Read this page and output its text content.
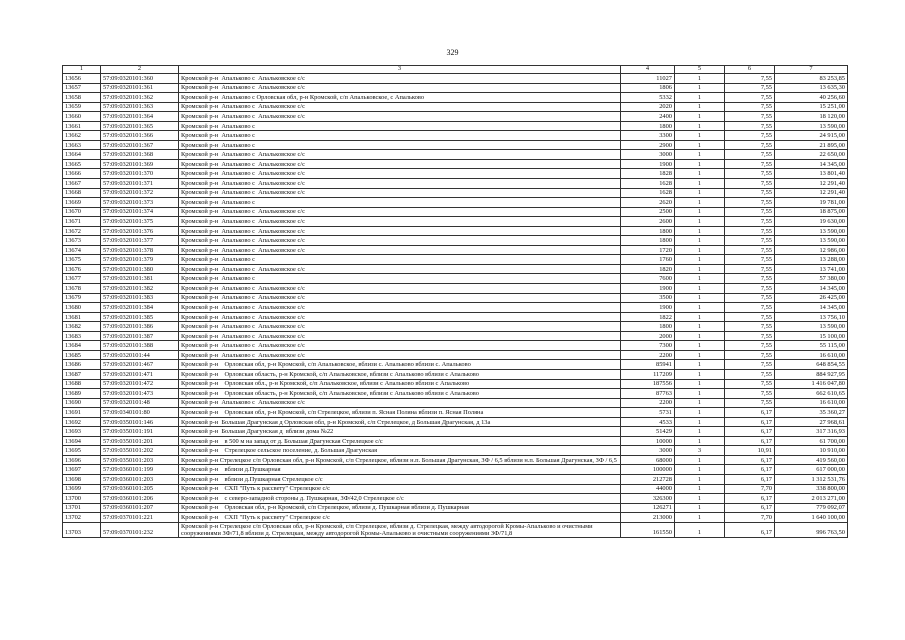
329
1	2	3	4	5	6	7
13656	57:09:0320101:360	Кромской р-н  Апальково с  Апальковское с/с	11027	1	7,55	83 253,85
13657	57:09:0320101:361	Кромской р-н  Апальково с  Апальковское с/с	1806	1	7,55	13 635,30
13658	57:09:0320101:362	Кромской р-н  Апальково с Орловская обл, р-н Кромской, с/п Апальковское, с Апальково	5332	1	7,55	40 256,60
13659	57:09:0320101:363	Кромской р-н  Апальково с  Апальковское с/с	2020	1	7,55	15 251,00
13660	57:09:0320101:364	Кромской р-н  Апальково с  Апальковское с/с	2400	1	7,55	18 120,00
13661	57:09:0320101:365	Кромской р-н  Апальково с	1800	1	7,55	13 590,00
13662	57:09:0320101:366	Кромской р-н  Апальково с	3300	1	7,55	24 915,00
13663	57:09:0320101:367	Кромской р-н  Апальково с	2900	1	7,55	21 895,00
13664	57:09:0320101:368	Кромской р-н  Апальково с  Апальковское с/с	3000	1	7,55	22 650,00
13665	57:09:0320101:369	Кромской р-н  Апальково с  Апальковское с/с	1900	1	7,55	14 345,00
13666	57:09:0320101:370	Кромской р-н  Апальково с  Апальковское с/с	1828	1	7,55	13 801,40
13667	57:09:0320101:371	Кромской р-н  Апальково с  Апальковское с/с	1628	1	7,55	12 291,40
13668	57:09:0320101:372	Кромской р-н  Апальково с  Апальковское с/с	1628	1	7,55	12 291,40
13669	57:09:0320101:373	Кромской р-н  Апальково с	2620	1	7,55	19 781,00
13670	57:09:0320101:374	Кромской р-н  Апальково с  Апальковское с/с	2500	1	7,55	18 875,00
13671	57:09:0320101:375	Кромской р-н  Апальково с  Апальковское с/с	2600	1	7,55	19 630,00
13672	57:09:0320101:376	Кромской р-н  Апальково с  Апальковское с/с	1800	1	7,55	13 590,00
13673	57:09:0320101:377	Кромской р-н  Апальково с  Апальковское с/с	1800	1	7,55	13 590,00
13674	57:09:0320101:378	Кромской р-н  Апальково с  Апальковское с/с	1720	1	7,55	12 986,00
13675	57:09:0320101:379	Кромской р-н  Апальково с	1760	1	7,55	13 288,00
13676	57:09:0320101:380	Кромской р-н  Апальково с  Апальковское с/с	1820	1	7,55	13 741,00
13677	57:09:0320101:381	Кромской р-н  Апальково с	7600	1	7,55	57 380,00
13678	57:09:0320101:382	Кромской р-н  Апальково с  Апальковское с/с	1900	1	7,55	14 345,00
13679	57:09:0320101:383	Кромской р-н  Апальково с  Апальковское с/с	3500	1	7,55	26 425,00
13680	57:09:0320101:384	Кромской р-н  Апальково с  Апальковское с/с	1900	1	7,55	14 345,00
13681	57:09:0320101:385	Кромской р-н  Апальково с  Апальковское с/с	1822	1	7,55	13 756,10
13682	57:09:0320101:386	Кромской р-н  Апальково с  Апальковское с/с	1800	1	7,55	13 590,00
13683	57:09:0320101:387	Кромской р-н  Апальково с  Апальковское с/с	2000	1	7,55	15 100,00
13684	57:09:0320101:388	Кромской р-н  Апальково с  Апальковское с/с	7300	1	7,55	55 115,00
13685	57:09:0320101:44	Кромской р-н  Апальково с  Апальковское с/с	2200	1	7,55	16 610,00
13686	57:09:0320101:467	Кромской р-н    Орловская обл, р-н Кромской, с/п Апальковское, вблизи с. Апальково вблизи с. Апальково	85941	1	7,55	648 854,55
13687	57:09:0320101:471	Кромской р-н    Орловская область, р-н Кромской, с/п Апальковское, вблизи с Апальково вблизи с Апальково	117209	1	7,55	884 927,95
13688	57:09:0320101:472	Кромской р-н    Орловская обл., р-н Кромской, с/п Апальковское, вблизи с Апальково вблизи с Апальково	187556	1	7,55	1 416 047,80
13689	57:09:0320101:473	Кромской р-н    Орловская область, р-н Кромской, с/п Апальковское, вблизи с Апальково вблизи с Апальково	87763	1	7,55	662 610,65
13690	57:09:0320101:48	Кромской р-н  Апальково с  Апальковское с/с	2200	1	7,55	16 610,00
13691	57:09:0340101:80	Кромской р-н    Орловская обл, р-н Кромской, с/п Стрелецкое, вблизи п. Ясная Поляна вблизи п. Ясная Поляна	5731	1	6,17	35 360,27
13692	57:09:0350101:146	Кромской р-н  Большая Драгунская д Орловская обл, р-н Кромской, с/п Стрелецкое, д Большая Драгунская, д 13а	4533	1	6,17	27 968,61
13693	57:09:0350101:191	Кромской р-н  Большая Драгунская д  вблизи дома №22	51429	1	6,17	317 316,93
13694	57:09:0350101:201	Кромской р-н    в 500 м на запад от д. Большая Драгунская Стрелецкое с/с	10000	1	6,17	61 700,00
13695	57:09:0350101:202	Кромской р-н    Стрелецкое сельское поселение, д. Большая Драгунская	3000	3	10,91	10 910,00
13696	57:09:0350101:203	Кромской р-н Стрелецкое с/п Орловская обл, р-н Кромской, с/п Стрелецкое, вблизи н.п. Большая Драгунская, ЗФ / 6,5 вблизи н.п. Большая Драгунская, ЗФ / 6,5	68000	1	6,17	419 560,00
13697	57:09:0360101:199	Кромской р-н    вблизи д.Пушкарная	100000	1	6,17	617 000,00
13698	57:09:0360101:203	Кромской р-н    вблизи д.Пушкарная Стрелецкое с/с	212728	1	6,17	1 312 531,76
13699	57:09:0360101:205	Кромской р-н    СХП "Путь к рассвету" Стрелецкое с/с	44000	1	7,70	338 800,00
13700	57:09:0360101:206	Кромской р-н    с северо-западной стороны д. Пушкарная, ЗФ/42,0 Стрелецкое с/с	326300	1	6,17	2 013 271,00
13701	57:09:0360101:207	Кромской р-н    Орловская обл, р-н Кромской, с/п Стрелецкое, вблизи д. Пушкарная вблизи д. Пушкарная	126271	1	6,17	779 092,07
13702	57:09:0370101:221	Кромской р-н    СХП "Путь к рассвету" Стрелецкое с/с	213000	1	7,70	1 640 100,00
13703	57:09:0370101:232	Кромской р-н Стрелецкое с/п Орловская обл, р-н Кромской, с/п Стрелецкое, вблизи д. Стрелецкая, между автодорогой Кромы-Апальково и очистными сооружениями ЗФ/71,8 вблизи д. Стрелецкая, между автодорогой Кромы-Апальково и очистными сооружениями ЗФ/71,8	161550	1	6,17	996 763,50
